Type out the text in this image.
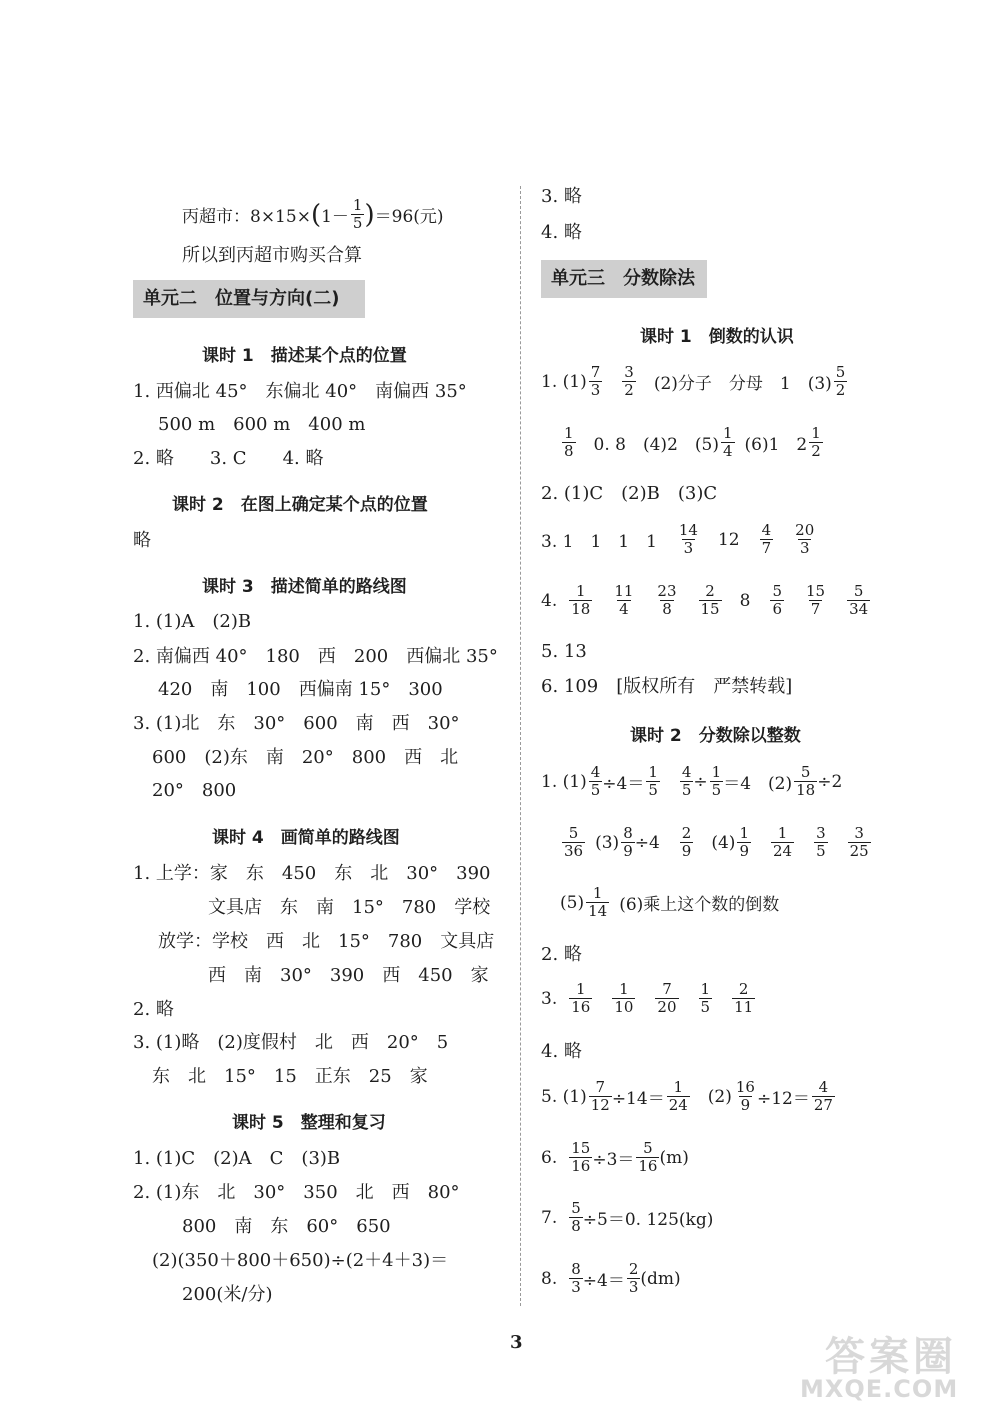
丙超市：8×15× ( $1- \frac{1}{5}$ ) ＝96(元)
所以到丙超市购买合算
单元二　位置与方向(二)
课时 1　描述某个点的位置
1. 西偏北 45°　东偏北 40°　南偏西 35°
500 m　600 m　400 m
2. 略　　3. C　　4. 略
课时 2　在图上确定某个点的位置
略
课时 3　描述简单的路线图
1. (1)A　(2)B
2. 南偏西 40°　180　西　200　西偏北 35°
420　南　100　西偏南 15°　300
3. (1)北　东　30°　600　南　西　30°
600　(2)东　南　20°　800　西　北
20°　800
课时 4　画简单的路线图
1. 上学：家　东　450　东　北　30°　390
文具店　东　南　15°　780　学校
放学：学校　西　北　15°　780　文具店
西　南　30°　390　西　450　家
2. 略
3. (1)略　(2)度假村　北　西　20°　5
东　北　15°　15　正东　25　家
课时 5　整理和复习
1. (1)C　(2)A　C　(3)B
2. (1)东　北　30°　350　北　西　80°
800　南　东　60°　650
(2)(350＋800＋650)÷(2＋4＋3)＝
200(米/分)
3. 略
4. 略
单元三　分数除法
课时 1　倒数的认识
1. $(1) \frac{7}{3} \frac{3}{2} (2)$分子　分母　1　$(3) \frac{5}{2}$
$\frac{1}{8} 0$. 8　(4)2　$(5) \frac{1}{4} (6)1$　$2 \frac{1}{2}$
2. (1)C　(2)B　(3)C
3. 1　1　1　$1 \frac{14}{3} 12 \frac{4}{7} \frac{20}{3}$
4. $\frac{1}{18} \frac{11}{4} \frac{23}{8} \frac{2}{15} 8 \frac{5}{6} \frac{15}{7} \frac{5}{34}$
5. 13
6. 109　[版权所有　严禁转载]
课时 2　分数除以整数
1. $(1) \frac{4}{5} \div 4= \frac{1}{5} \frac{4}{5} \div \frac{1}{5} =4$　$(2) \frac{5}{18} \div 2$
$\frac{5}{36} (3) \frac{8}{9} \div 4 \frac{2}{9} (4) \frac{1}{9} \frac{1}{24} \frac{3}{5} \frac{3}{25}$
$(5) \frac{1}{14} (6)$乘上这个数的倒数
2. 略
3. $\frac{1}{16} \frac{1}{10} \frac{7}{20} \frac{1}{5} \frac{2}{11}$
4. 略
5. $(1) \frac{7}{12} \div 14= \frac{1}{24} (2) \frac{16}{9} \div 12= \frac{4}{27}$
6. $\frac{15}{16} \div 3= \frac{5}{16} (m)$
7. $\frac{5}{8} \div 5=0$. 125(kg)
8. $\frac{8}{3} \div 4= \frac{2}{3} (dm)$
3	答案圈
MXQE.COM
